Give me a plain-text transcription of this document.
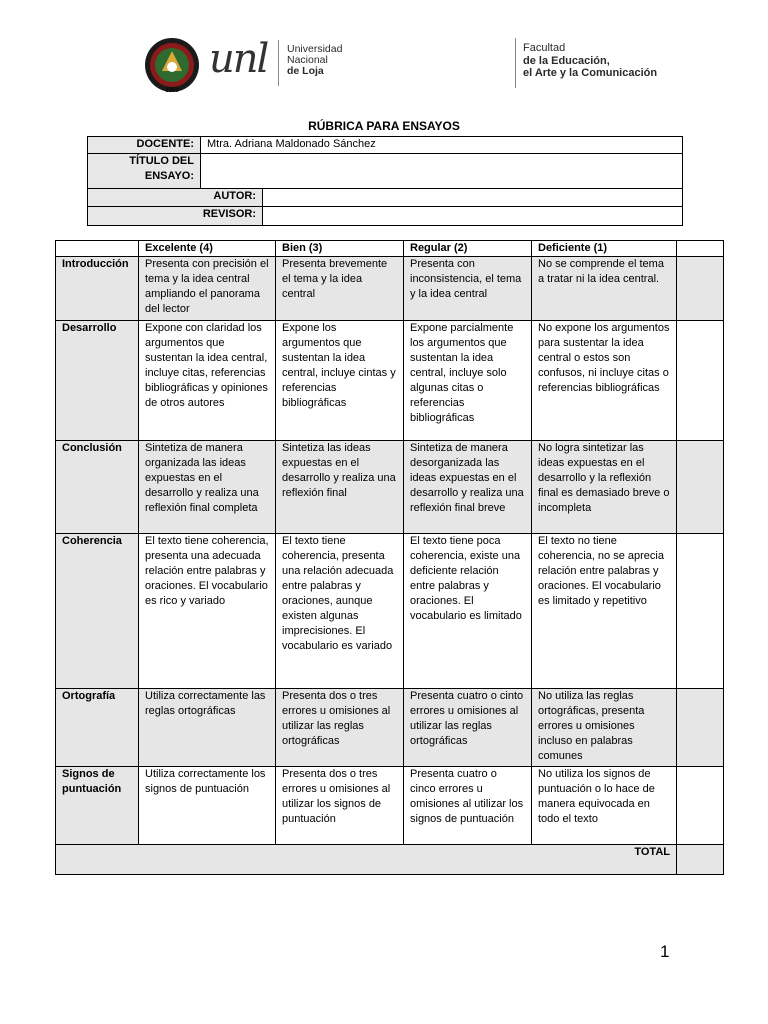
1859
unl Universidad
Nacional
de Loja
Facultad
de la Educación,
el Arte y la Comunicación
RÚBRICA PARA ENSAYOS
DOCENTE:	Mtra. Adriana Maldonado Sánchez	

TÍTULO DEL
ENSAYO:		

AUTOR:		
REVISOR:		
	Excelente (4)	Bien (3)	Regular (2)	Deficiente (1)	
Introducción	Presenta con precisión el tema y la idea central ampliando el panorama del lector	Presenta brevemente el tema y la idea central	Presenta con inconsistencia, el tema y la idea central	No se comprende el tema a tratar ni la idea central.	
Desarrollo	Expone con claridad los argumentos que sustentan la idea central, incluye citas, referencias bibliográficas y opiniones de otros autores	Expone los argumentos que sustentan la idea central, incluye cintas y referencias bibliográficas	Expone parcialmente los argumentos que sustentan la idea central, incluye solo algunas citas o referencias bibliográficas	No expone los argumentos para sustentar la idea central o estos son confusos, ni incluye citas o referencias bibliográficas	
Conclusión	Sintetiza de manera organizada las ideas expuestas en el desarrollo y realiza una reflexión final completa	Sintetiza las ideas expuestas en el desarrollo y realiza una reflexión final	Sintetiza de manera desorganizada las ideas expuestas en el desarrollo y realiza una reflexión final breve	No logra sintetizar las ideas expuestas en el desarrollo y la reflexión final es demasiado breve o incompleta	
Coherencia	El texto tiene coherencia, presenta una adecuada relación entre palabras y oraciones. El vocabulario es rico y variado	El texto tiene coherencia, presenta una relación adecuada entre palabras y oraciones, aunque existen algunas imprecisiones. El vocabulario es variado	El texto tiene poca coherencia, existe una deficiente relación entre palabras y oraciones. El vocabulario es limitado	El texto no tiene coherencia, no se aprecia relación entre palabras y oraciones. El vocabulario es limitado y repetitivo	
Ortografía	Utiliza correctamente las reglas ortográficas	Presenta dos o tres errores u omisiones al utilizar las reglas ortográficas	Presenta cuatro o cinto errores u omisiones al utilizar las reglas ortográficas	No utiliza las reglas ortográficas, presenta errores u omisiones incluso en palabras comunes	
Signos de puntuación	Utiliza correctamente los signos de puntuación	Presenta dos o tres errores u omisiones al utilizar los signos de puntuación	Presenta cuatro o cinco errores u omisiones al utilizar los signos de puntuación	No utiliza los signos de puntuación o lo hace de manera equivocada en todo el texto	
TOTAL					
1
